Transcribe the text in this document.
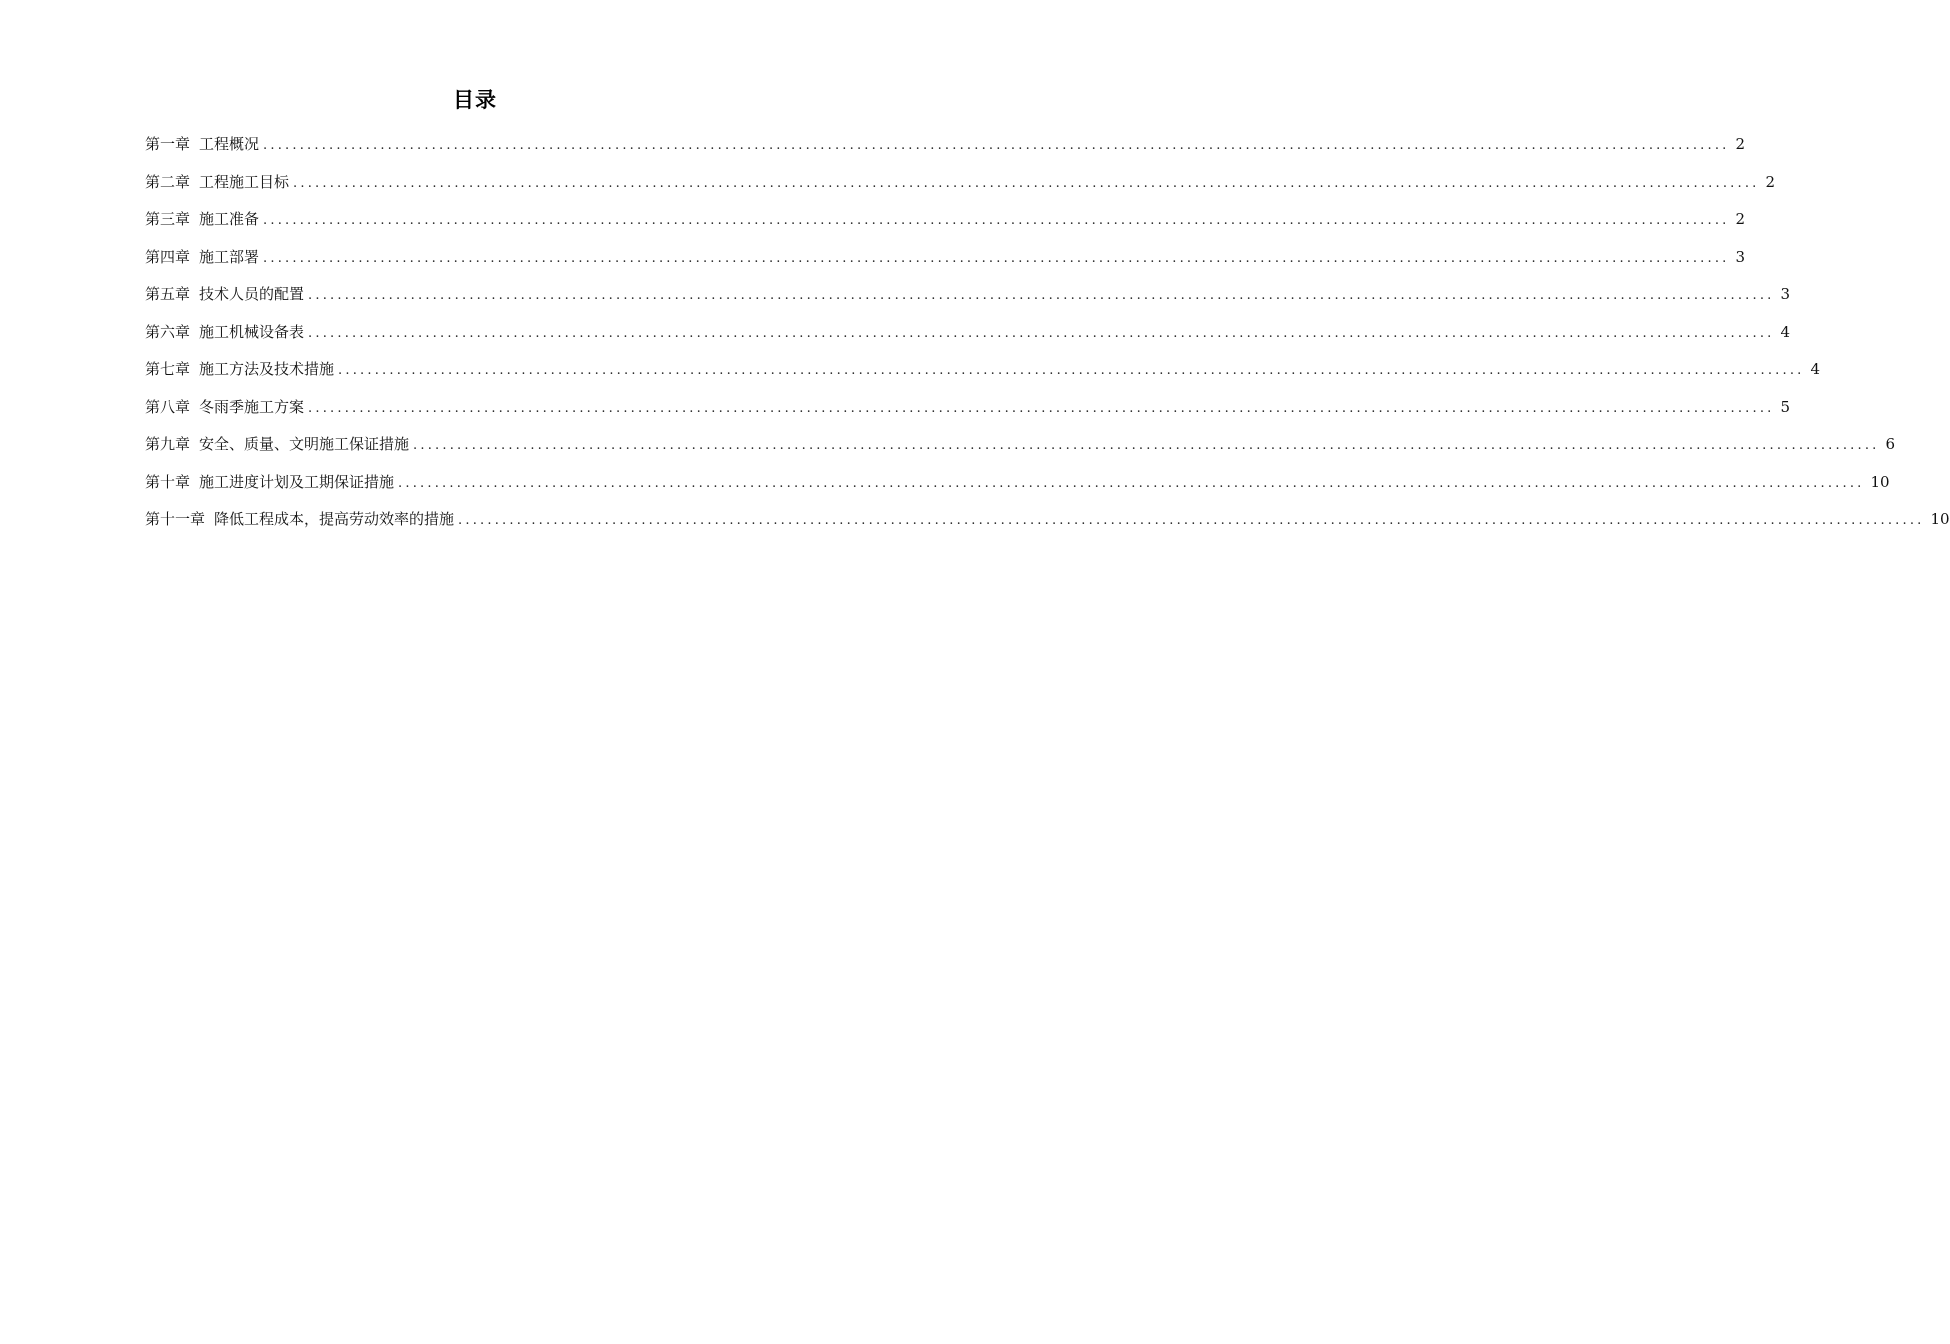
目录
第一章 工程概况 ........................................................................................................................................................................................................ 2
第二章 工程施工目标 ........................................................................................................................................................................................................ 2
第三章 施工准备 ........................................................................................................................................................................................................ 2
第四章 施工部署 ........................................................................................................................................................................................................ 3
第五章 技术人员的配置 ........................................................................................................................................................................................................ 3
第六章 施工机械设备表 ........................................................................................................................................................................................................ 4
第七章 施工方法及技术措施 ........................................................................................................................................................................................................ 4
第八章 冬雨季施工方案 ........................................................................................................................................................................................................ 5
第九章 安全、质量、文明施工保证措施 ........................................................................................................................................................................................................ 6
第十章 施工进度计划及工期保证措施 ........................................................................................................................................................................................................ 10
第十一章 降低工程成本，提高劳动效率的措施 ........................................................................................................................................................................................................ 10
